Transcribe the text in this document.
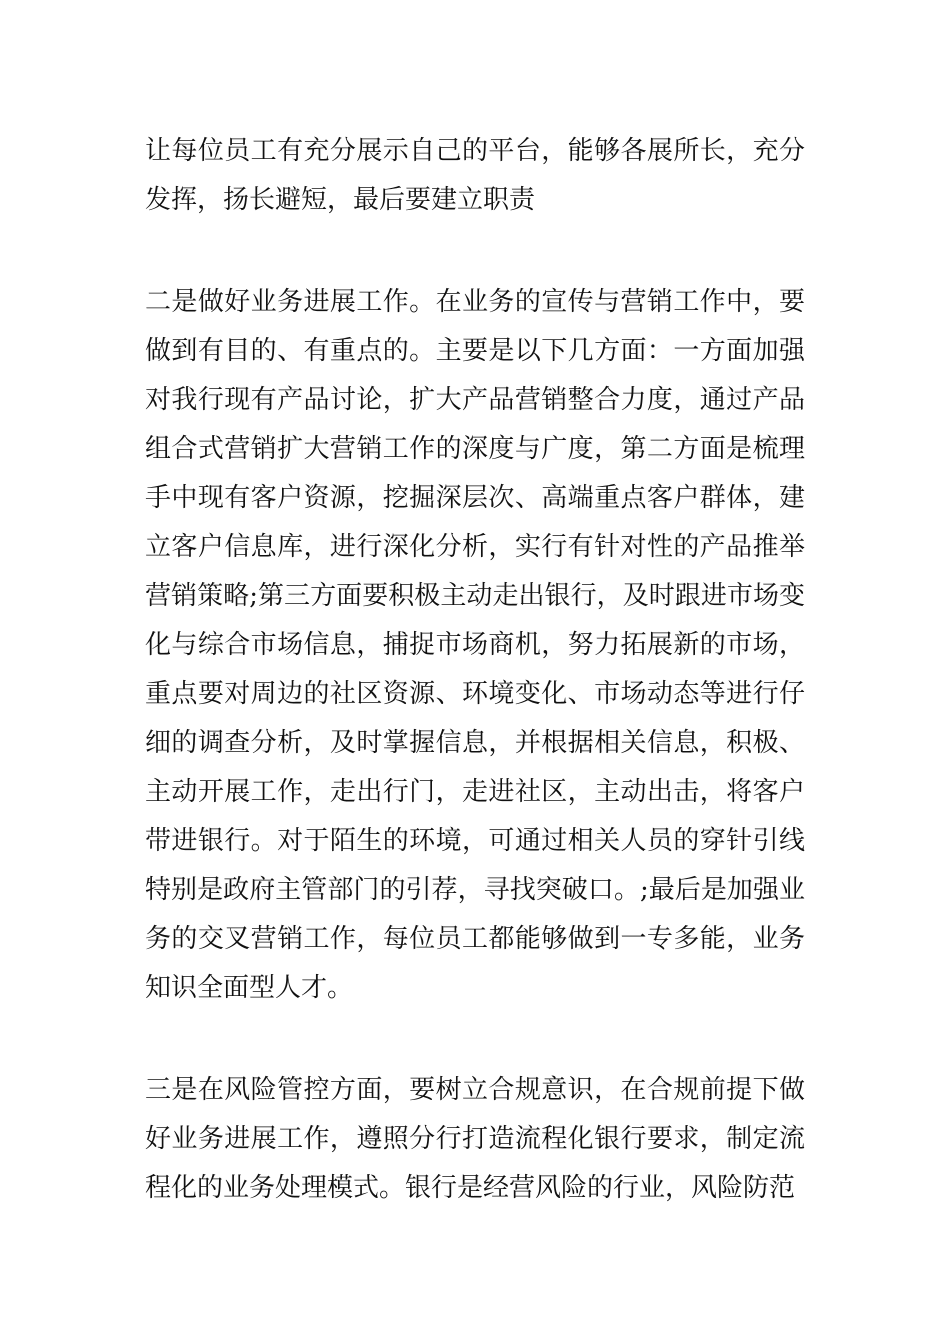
让每位员工有充分展示自己的平台，能够各展所长，充分发挥，扬长避短，最后要建立职责

二是做好业务进展工作。在业务的宣传与营销工作中，要做到有目的、有重点的。主要是以下几方面：一方面加强对我行现有产品讨论，扩大产品营销整合力度，通过产品组合式营销扩大营销工作的深度与广度，第二方面是梳理手中现有客户资源，挖掘深层次、高端重点客户群体，建立客户信息库，进行深化分析，实行有针对性的产品推举营销策略;第三方面要积极主动走出银行，及时跟进市场变化与综合市场信息，捕捉市场商机，努力拓展新的市场，重点要对周边的社区资源、环境变化、市场动态等进行仔细的调查分析，及时掌握信息，并根据相关信息，积极、主动开展工作，走出行门，走进社区，主动出击，将客户带进银行。对于陌生的环境，可通过相关人员的穿针引线特别是政府主管部门的引荐，寻找突破口。;最后是加强业务的交叉营销工作，每位员工都能够做到一专多能，业务知识全面型人才。

三是在风险管控方面，要树立合规意识，在合规前提下做好业务进展工作，遵照分行打造流程化银行要求，制定流程化的业务处理模式。银行是经营风险的行业，风险防范
